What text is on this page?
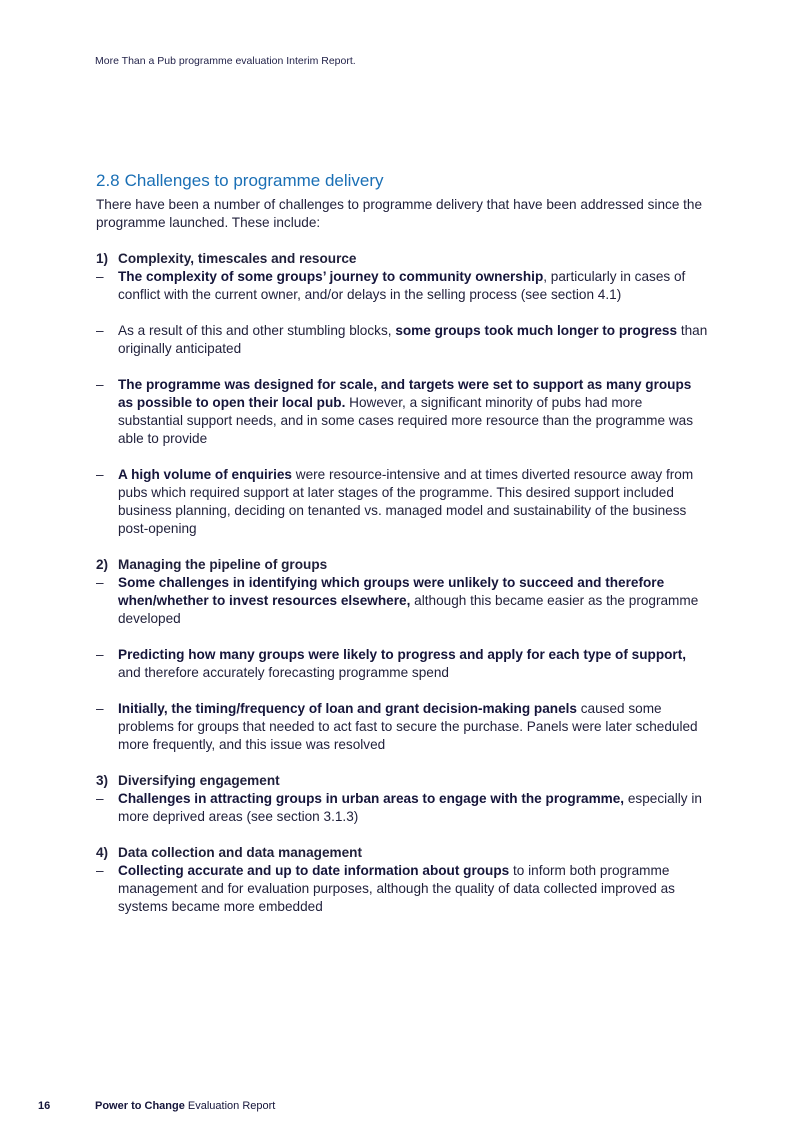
More Than a Pub programme evaluation Interim Report.
2.8 Challenges to programme delivery

There have been a number of challenges to programme delivery that have been addressed since the programme launched. These include:

1) Complexity, timescales and resource
– The complexity of some groups’ journey to community ownership, particularly in cases of conflict with the current owner, and/or delays in the selling process (see section 4.1)
– As a result of this and other stumbling blocks, some groups took much longer to progress than originally anticipated
– The programme was designed for scale, and targets were set to support as many groups as possible to open their local pub. However, a significant minority of pubs had more substantial support needs, and in some cases required more resource than the programme was able to provide
– A high volume of enquiries were resource-intensive and at times diverted resource away from pubs which required support at later stages of the programme. This desired support included business planning, deciding on tenanted vs. managed model and sustainability of the business post-opening
2) Managing the pipeline of groups
– Some challenges in identifying which groups were unlikely to succeed and therefore when/whether to invest resources elsewhere, although this became easier as the programme developed
– Predicting how many groups were likely to progress and apply for each type of support, and therefore accurately forecasting programme spend
– Initially, the timing/frequency of loan and grant decision-making panels caused some problems for groups that needed to act fast to secure the purchase. Panels were later scheduled more frequently, and this issue was resolved
3) Diversifying engagement
– Challenges in attracting groups in urban areas to engage with the programme, especially in more deprived areas (see section 3.1.3)
4) Data collection and data management
– Collecting accurate and up to date information about groups to inform both programme management and for evaluation purposes, although the quality of data collected improved as systems became more embedded
16	Power to Change Evaluation Report
